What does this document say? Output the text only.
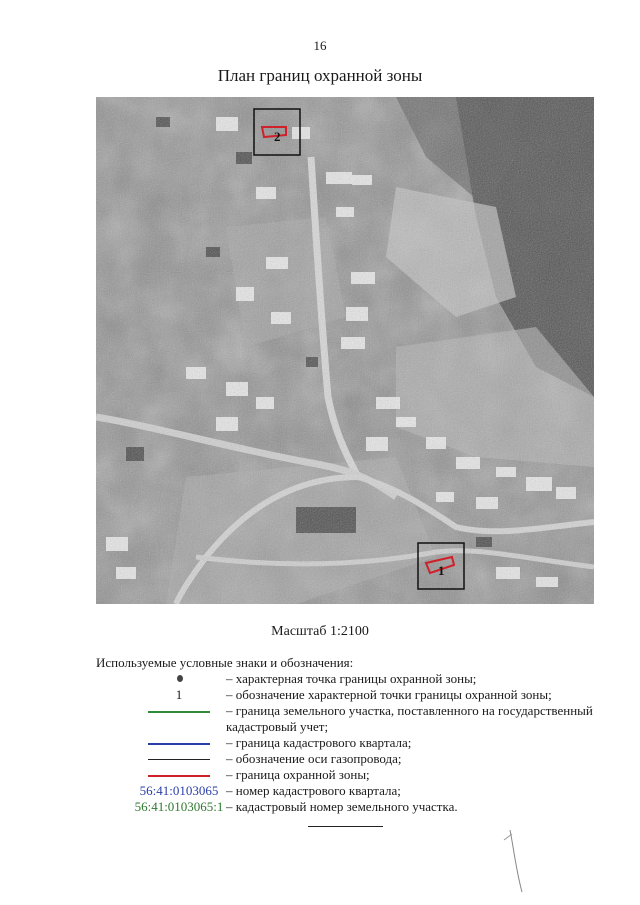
16
План границ охранной зоны
2
1
Масштаб 1:2100
Используемые условные знаки и обозначения:
– характерная точка границы охранной зоны;
1	– обозначение характерной точки границы охранной зоны;
– граница земельного участка, поставленного на государственный кадастровый учет;
– граница кадастрового квартала;
– обозначение оси газопровода;
– граница охранной зоны;
56:41:0103065	– номер кадастрового квартала;
56:41:0103065:1 – кадастровый номер земельного участка.
